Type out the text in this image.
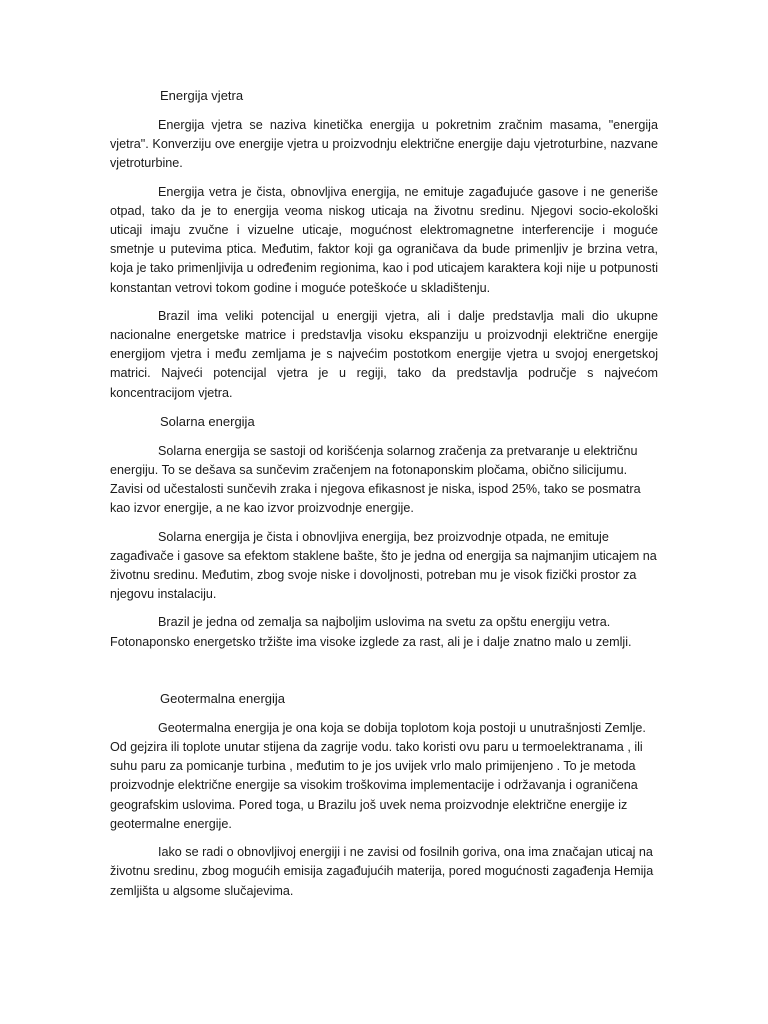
Energija vjetra

Energija vjetra se naziva kinetička energija u pokretnim zračnim masama, "energija vjetra". Konverziju ove energije vjetra u proizvodnju električne energije daju vjetroturbine, nazvane vjetroturbine.

Energija vetra je čista, obnovljiva energija, ne emituje zagađujuće gasove i ne generiše otpad, tako da je to energija veoma niskog uticaja na životnu sredinu. Njegovi socio-ekološki uticaji imaju zvučne i vizuelne uticaje, mogućnost elektromagnetne interferencije i moguće smetnje u putevima ptica. Međutim, faktor koji ga ograničava da bude primenljiv je brzina vetra, koja je tako primenljivija u određenim regionima, kao i pod uticajem karaktera koji nije u potpunosti konstantan vetrovi tokom godine i moguće poteškoće u skladištenju.

Brazil ima veliki potencijal u energiji vjetra, ali i dalje predstavlja mali dio ukupne nacionalne energetske matrice i predstavlja visoku ekspanziju u proizvodnji električne energije energijom vjetra i među zemljama je s najvećim postotkom energije vjetra u svojoj energetskoj matrici. Najveći potencijal vjetra je u regiji, tako da predstavlja područje s najvećom koncentracijom vjetra.

Solarna energija

Solarna energija se sastoji od korišćenja solarnog zračenja za pretvaranje u električnu energiju. To se dešava sa sunčevim zračenjem na fotonaponskim pločama, obično silicijumu. Zavisi od učestalosti sunčevih zraka i njegova efikasnost je niska, ispod 25%, tako se posmatra kao izvor energije, a ne kao izvor proizvodnje energije.

Solarna energija je čista i obnovljiva energija, bez proizvodnje otpada, ne emituje zagađivače i gasove sa efektom staklene bašte, što je jedna od energija sa najmanjim uticajem na životnu sredinu. Međutim, zbog svoje niske i dovoljnosti, potreban mu je visok fizički prostor za njegovu instalaciju.

Brazil je jedna od zemalja sa najboljim uslovima na svetu za opštu energiju vetra. Fotonaponsko energetsko tržište ima visoke izglede za rast, ali je i dalje znatno malo u zemlji.

Geotermalna energija

Geotermalna energija je ona koja se dobija toplotom koja postoji u unutrašnjosti Zemlje. Od gejzira ili toplote unutar stijena da zagrije vodu. tako koristi ovu paru u termoelektranama , ili suhu paru za pomicanje turbina , međutim to je jos uvijek vrlo malo primijenjeno . To je metoda proizvodnje električne energije sa visokim troškovima implementacije i održavanja i ograničena geografskim uslovima. Pored toga, u Brazilu još uvek nema proizvodnje električne energije iz geotermalne energije.

Iako se radi o obnovljivoj energiji i ne zavisi od fosilnih goriva, ona ima značajan uticaj na životnu sredinu, zbog mogućih emisija zagađujućih materija, pored mogućnosti zagađenja Hemija zemljišta u algsome slučajevima.
